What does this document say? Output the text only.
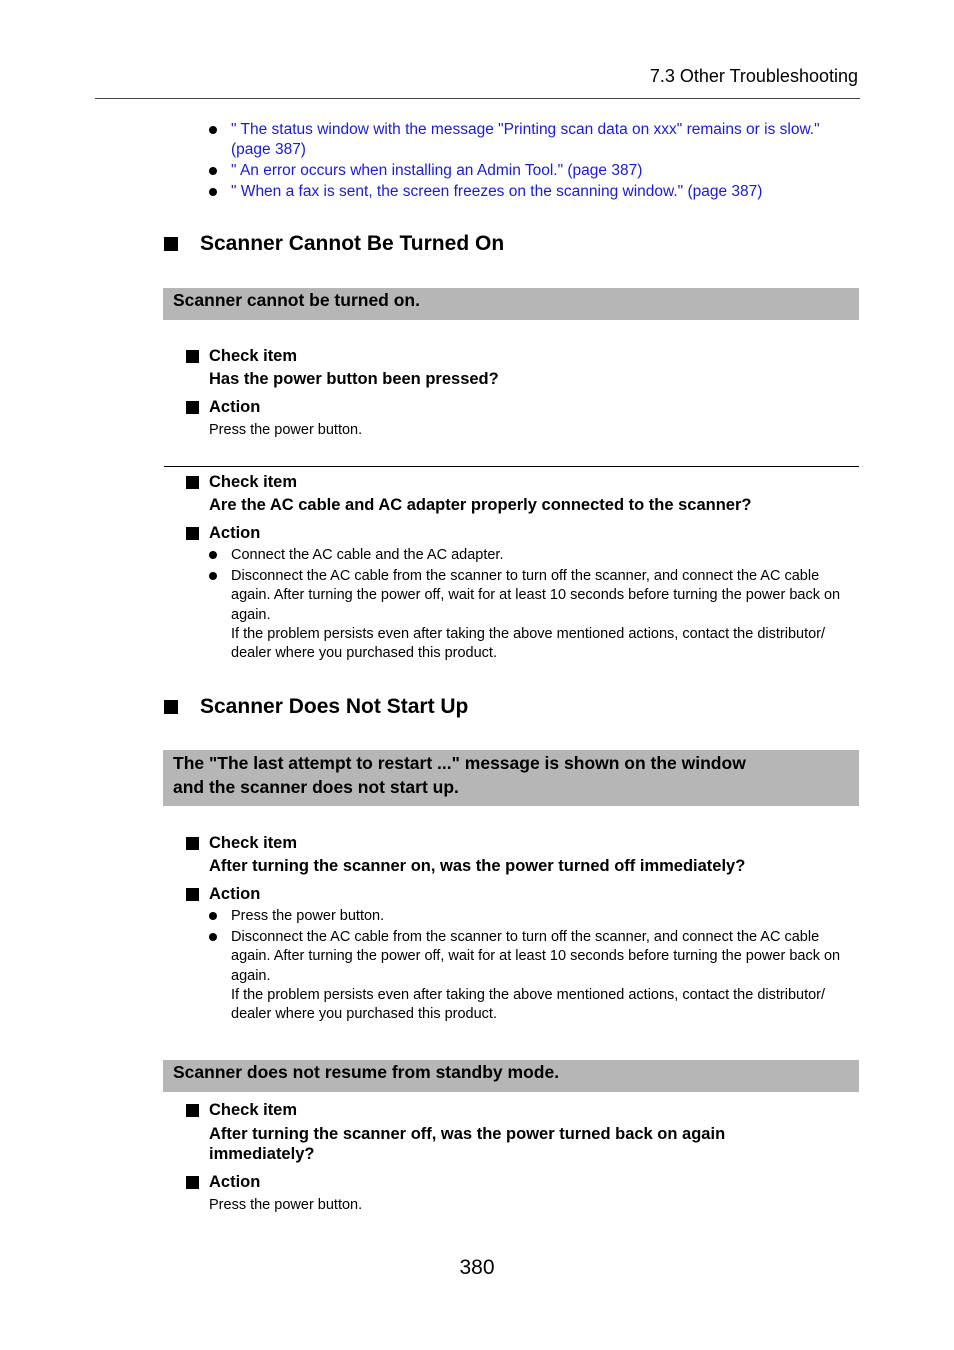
7.3 Other Troubleshooting
" The status window with the message "Printing scan data on xxx" remains or is slow." (page 387)
" An error occurs when installing an Admin Tool." (page 387)
" When a fax is sent, the screen freezes on the scanning window." (page 387)
Scanner Cannot Be Turned On
Scanner cannot be turned on.
Check item
Has the power button been pressed?
Action
Press the power button.
Check item
Are the AC cable and AC adapter properly connected to the scanner?
Action
Connect the AC cable and the AC adapter.
Disconnect the AC cable from the scanner to turn off the scanner, and connect the AC cable again. After turning the power off, wait for at least 10 seconds before turning the power back on again.
If the problem persists even after taking the above mentioned actions, contact the distributor/ dealer where you purchased this product.
Scanner Does Not Start Up
The "The last attempt to restart ..." message is shown on the window
and the scanner does not start up.
Check item
After turning the scanner on, was the power turned off immediately?
Action
Press the power button.
Disconnect the AC cable from the scanner to turn off the scanner, and connect the AC cable again. After turning the power off, wait for at least 10 seconds before turning the power back on again.
If the problem persists even after taking the above mentioned actions, contact the distributor/ dealer where you purchased this product.
Scanner does not resume from standby mode.
Check item
After turning the scanner off, was the power turned back on again immediately?
Action
Press the power button.
380
